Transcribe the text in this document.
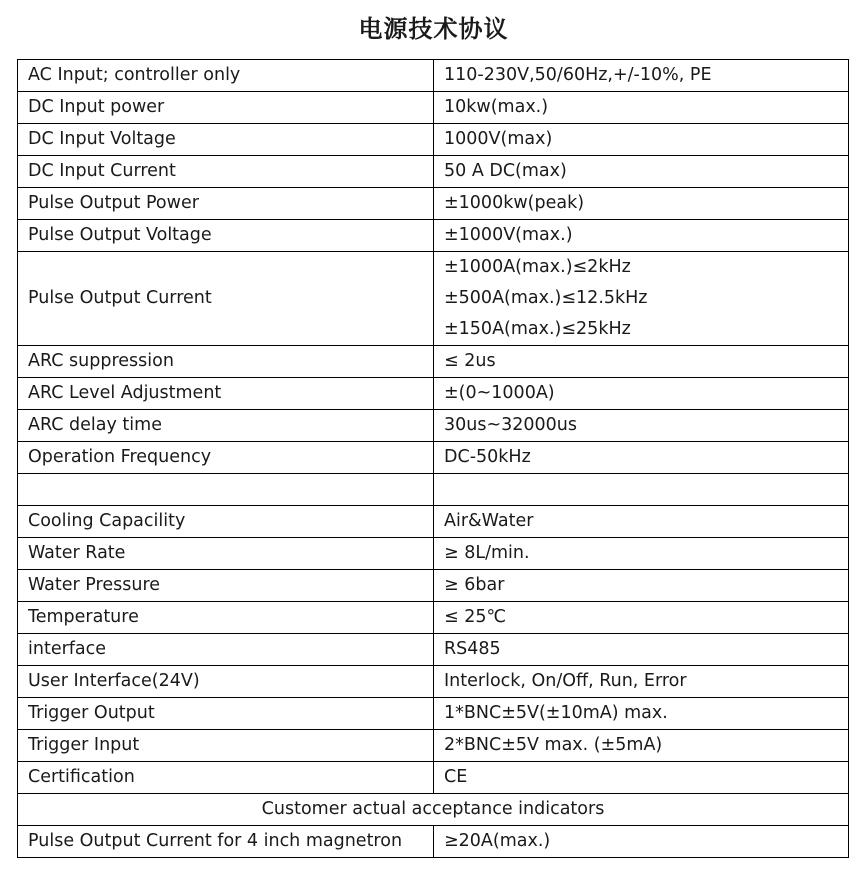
电源技术协议
AC Input; controller only	110-230V,50/60Hz,+/-10%, PE
DC Input power	10kw(max.)
DC Input Voltage	1000V(max)
DC Input Current	50 A DC(max)
Pulse Output Power	±1000kw(peak)
Pulse Output Voltage	±1000V(max.)
Pulse Output Current	±1000A(max.)≤2kHz
±500A(max.)≤12.5kHz
±150A(max.)≤25kHz

ARC suppression	≤ 2us
ARC Level Adjustment	±(0~1000A)
ARC delay time	30us~32000us
Operation Frequency	DC-50kHz

Cooling Capacility	Air&Water
Water Rate	≥ 8L/min.
Water Pressure	≥ 6bar
Temperature	≤ 25℃
interface	RS485
User Interface(24V)	Interlock, On/Off, Run, Error
Trigger Output	1*BNC±5V(±10mA) max.
Trigger Input	2*BNC±5V max. (±5mA)
Certification	CE
Customer actual acceptance indicators	
Pulse Output Current for 4 inch magnetron	≥20A(max.)
